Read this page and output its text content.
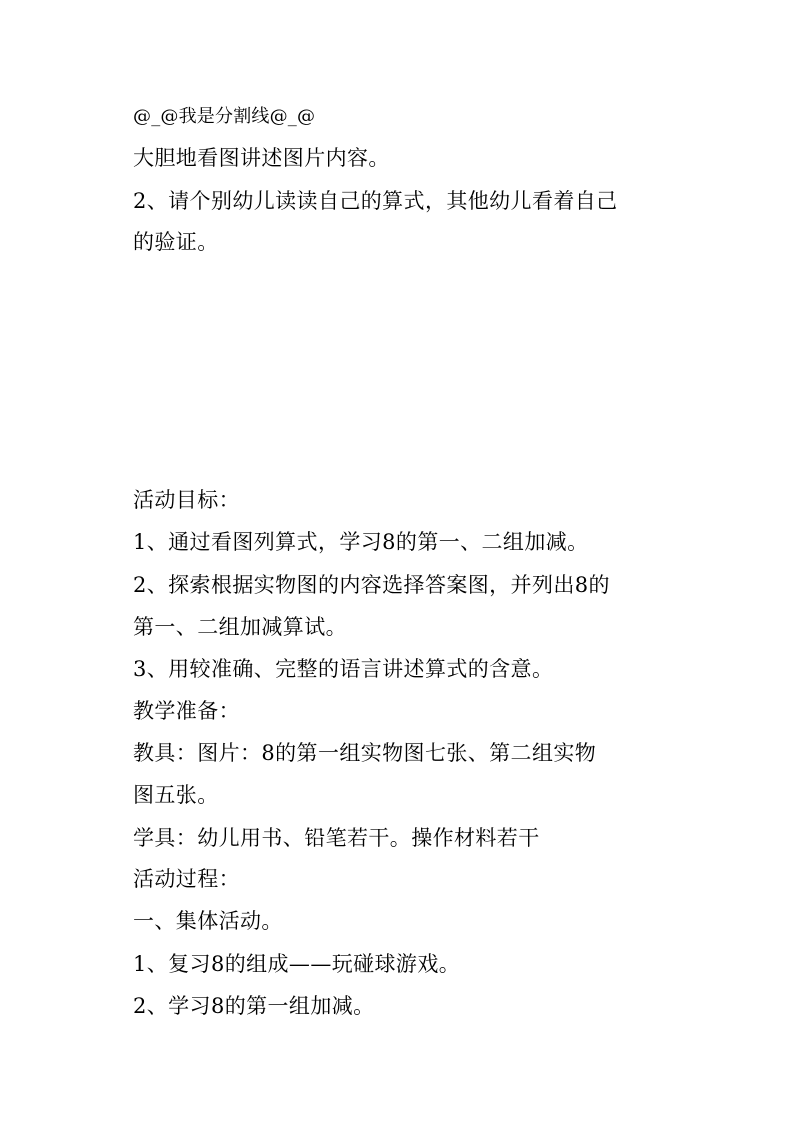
@_@我是分割线@_@

大胆地看图讲述图片内容。

2、请个别幼儿读读自己的算式，其他幼儿看着自己

的验证。

活动目标：

1、通过看图列算式，学习8的第一、二组加减。

2、探索根据实物图的内容选择答案图，并列出8的

第一、二组加减算试。

3、用较准确、完整的语言讲述算式的含意。

教学准备：

教具：图片：8的第一组实物图七张、第二组实物

图五张。

学具：幼儿用书、铅笔若干。操作材料若干

活动过程：

一、集体活动。

1、复习8的组成——玩碰球游戏。

2、学习8的第一组加减。
